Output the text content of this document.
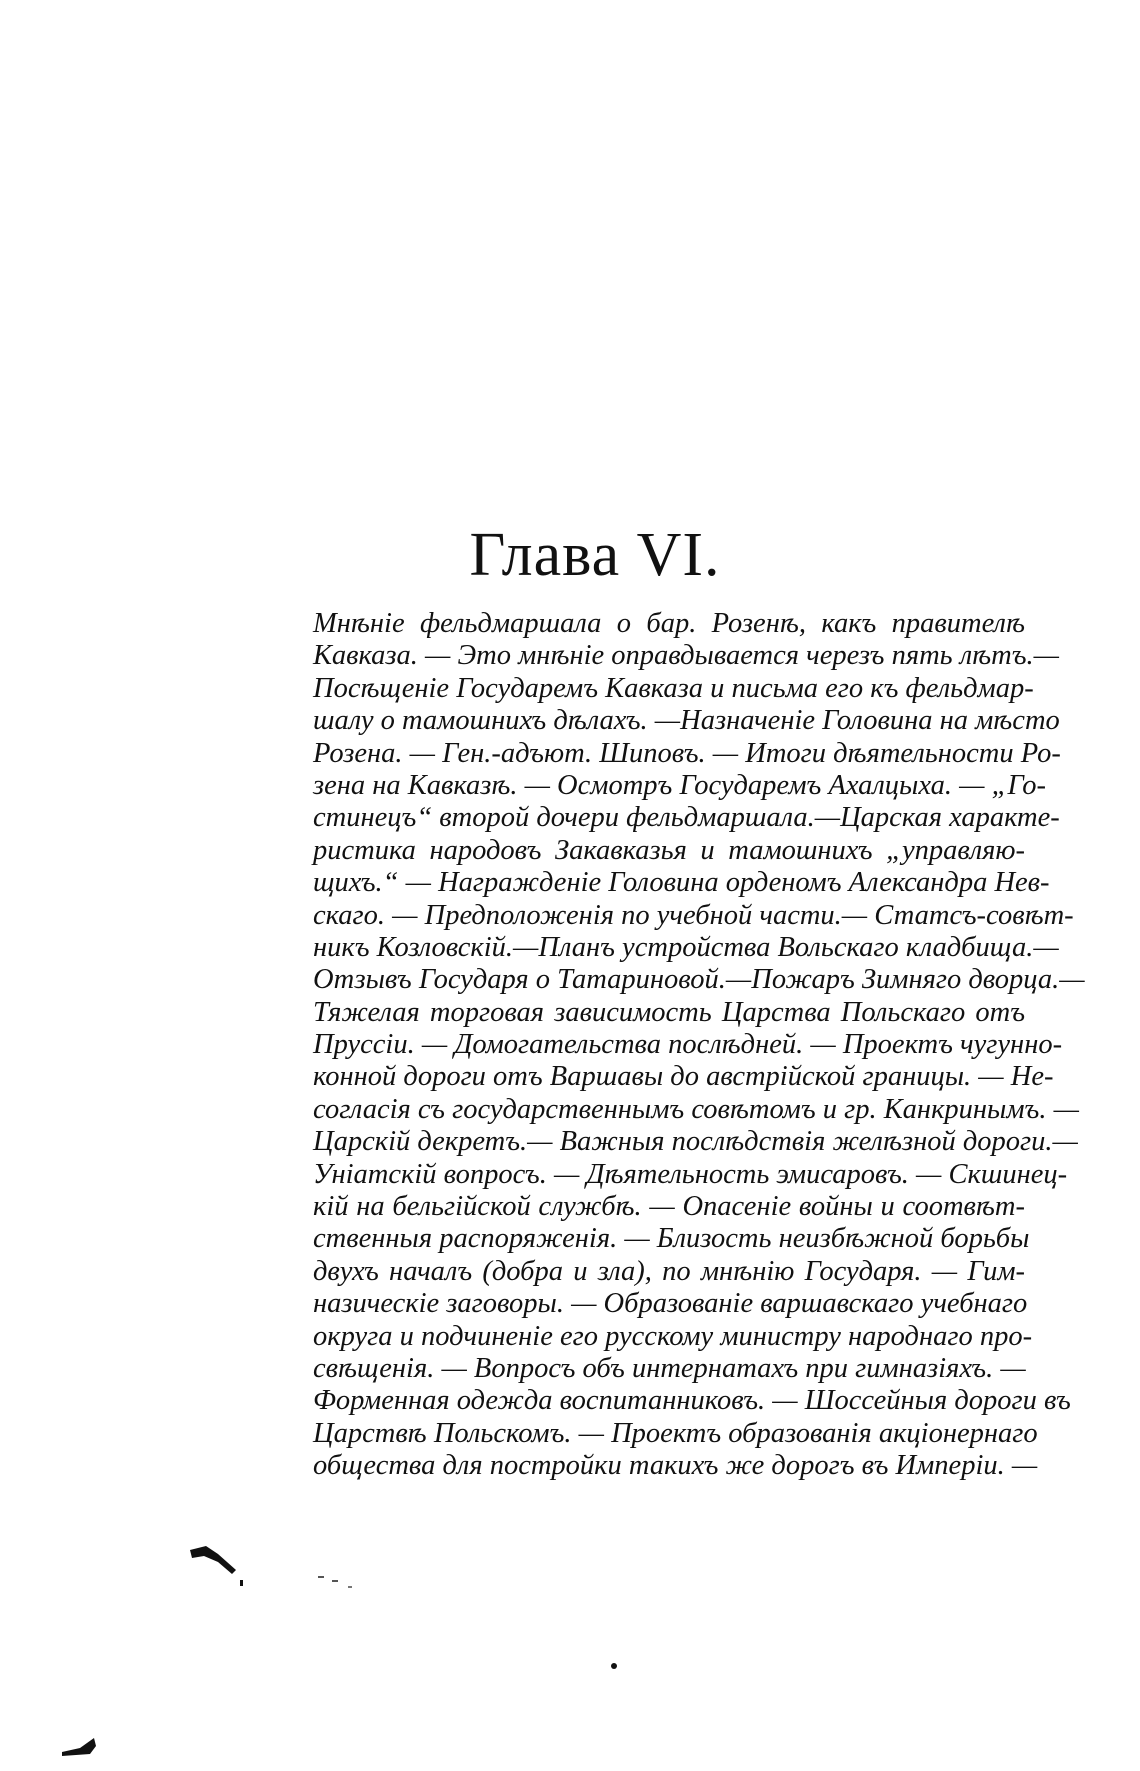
Глава VI.
Мнѣніе фельдмаршала о бар. Розенѣ, какъ правителѣ
Кавказа. — Это мнѣніе оправдывается черезъ пять лѣтъ.—
Посѣщеніе Государемъ Кавказа и письма его къ фельдмар-
шалу о тамошнихъ дѣлахъ. —Назначеніе Головина на мѣсто
Розена. — Ген.-адъют. Шиповъ. — Итоги дѣятельности Ро-
зена на Кавказѣ. — Осмотръ Государемъ Ахалцыха. — „Го-
стинецъ“ второй дочери фельдмаршала.—Царская характе-
ристика народовъ Закавказья и тамошнихъ „управляю-
щихъ.“ — Награжденіе Головина орденомъ Александра Нев-
скаго. — Предположенія по учебной части.— Статсъ-совѣт-
никъ Козловскій.—Планъ устройства Вольскаго кладбища.—
Отзывъ Государя о Татариновой.—Пожаръ Зимняго дворца.—
Тяжелая торговая зависимость Царства Польскаго отъ
Пруссіи. — Домогательства послѣдней. — Проектъ чугунно-
конной дороги отъ Варшавы до австрійской границы. — Не-
согласія съ государственнымъ совѣтомъ и гр. Канкринымъ. —
Царскій декретъ.— Важныя послѣдствія желѣзной дороги.—
Уніатскій вопросъ. — Дѣятельность эмисаровъ. — Скшинец-
кій на бельгійской службѣ. — Опасеніе войны и соотвѣт-
ственныя распоряженія. — Близость неизбѣжной борьбы
двухъ началъ (добра и зла), по мнѣнію Государя. — Гим-
назическіе заговоры. — Образованіе варшавскаго учебнаго
округа и подчиненіе его русскому министру народнаго про-
свѣщенія. — Вопросъ объ интернатахъ при гимназіяхъ. —
Форменная одежда воспитанниковъ. — Шоссейныя дороги въ
Царствѣ Польскомъ. — Проектъ образованія акціонернаго
общества для постройки такихъ же дорогъ въ Имперіи. —
